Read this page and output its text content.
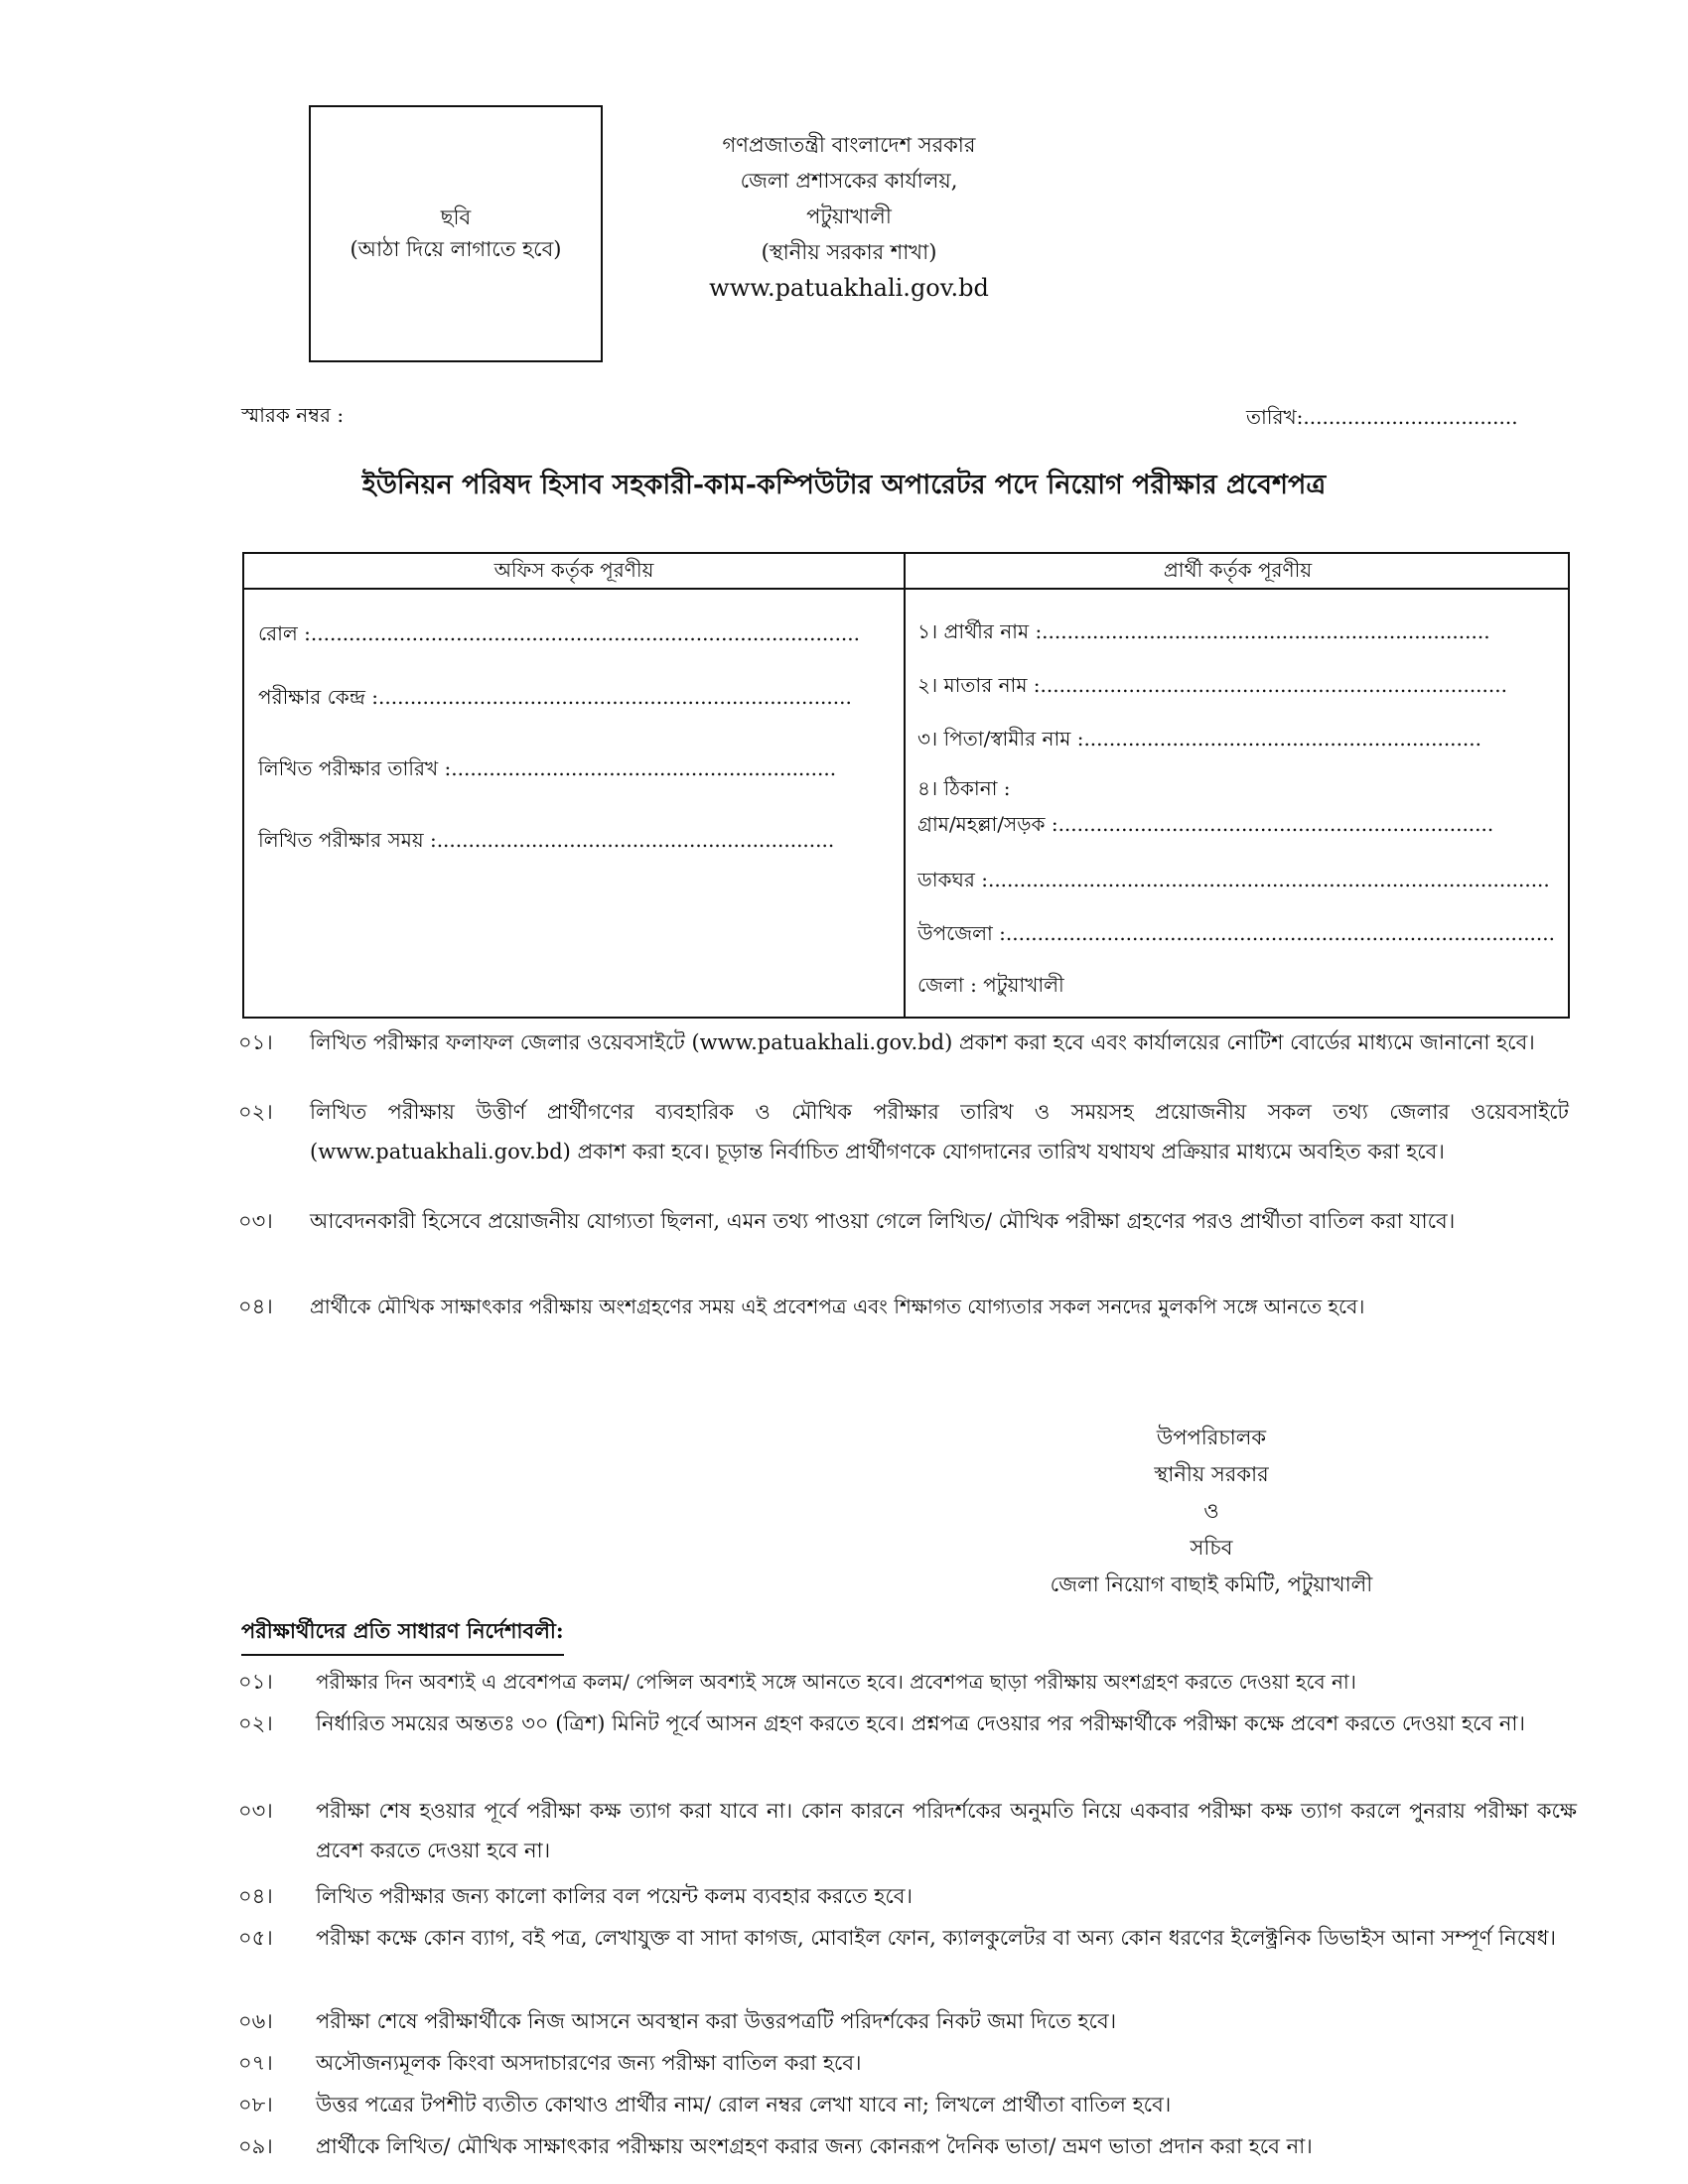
ছবি
(আঠা দিয়ে লাগাতে হবে)
গণপ্রজাতন্ত্রী বাংলাদেশ সরকার
জেলা প্রশাসকের কার্যালয়, পটুয়াখালী
(স্থানীয় সরকার শাখা)
www.patuakhali.gov.bd
স্মারক নম্বর :	তারিখ:..................................
ইউনিয়ন পরিষদ হিসাব সহকারী-কাম-কম্পিউটার অপারেটর পদে নিয়োগ পরীক্ষার প্রবেশপত্র
অফিস কর্তৃক পূরণীয়	প্রার্থী কর্তৃক পূরণীয়
রোল :.......................................................................................
পরীক্ষার কেন্দ্র :...........................................................................
লিখিত পরীক্ষার তারিখ :.............................................................
লিখিত পরীক্ষার সময় :...............................................................
১। প্রার্থীর নাম :.......................................................................
২। মাতার নাম :..........................................................................
৩। পিতা/স্বামীর নাম :...............................................................
৪। ঠিকানা :
গ্রাম/মহল্লা/সড়ক :.....................................................................
ডাকঘর :.........................................................................................
উপজেলা :.......................................................................................
জেলা : পটুয়াখালী
০১। লিখিত পরীক্ষার ফলাফল জেলার ওয়েবসাইটে (www.patuakhali.gov.bd) প্রকাশ করা হবে এবং কার্যালয়ের নোটিশ বোর্ডের মাধ্যমে জানানো হবে।
০২। লিখিত পরীক্ষায় উত্তীর্ণ প্রার্থীগণের ব্যবহারিক ও মৌখিক পরীক্ষার তারিখ ও সময়সহ প্রয়োজনীয় সকল তথ্য জেলার ওয়েবসাইটে (www.patuakhali.gov.bd) প্রকাশ করা হবে। চূড়ান্ত নির্বাচিত প্রার্থীগণকে যোগদানের তারিখ যথাযথ প্রক্রিয়ার মাধ্যমে অবহিত করা হবে।
০৩। আবেদনকারী হিসেবে প্রয়োজনীয় যোগ্যতা ছিলনা, এমন তথ্য পাওয়া গেলে লিখিত/ মৌখিক পরীক্ষা গ্রহণের পরও প্রার্থীতা বাতিল করা যাবে।
০৪। প্রার্থীকে মৌখিক সাক্ষাৎকার পরীক্ষায় অংশগ্রহণের সময় এই প্রবেশপত্র এবং শিক্ষাগত যোগ্যতার সকল সনদের মুলকপি সঙ্গে আনতে হবে।
উপপরিচালক
স্থানীয় সরকার
ও
সচিব
জেলা নিয়োগ বাছাই কমিটি, পটুয়াখালী
পরীক্ষার্থীদের প্রতি সাধারণ নির্দেশাবলী:
০১। পরীক্ষার দিন অবশ্যই এ প্রবেশপত্র কলম/ পেন্সিল অবশ্যই সঙ্গে আনতে হবে। প্রবেশপত্র ছাড়া পরীক্ষায় অংশগ্রহণ করতে দেওয়া হবে না।
০২। নির্ধারিত সময়ের অন্ততঃ ৩০ (ত্রিশ) মিনিট পূর্বে আসন গ্রহণ করতে হবে। প্রশ্নপত্র দেওয়ার পর পরীক্ষার্থীকে পরীক্ষা কক্ষে প্রবেশ করতে দেওয়া হবে না।
০৩। পরীক্ষা শেষ হওয়ার পূর্বে পরীক্ষা কক্ষ ত্যাগ করা যাবে না। কোন কারনে পরিদর্শকের অনুমতি নিয়ে একবার পরীক্ষা কক্ষ ত্যাগ করলে পুনরায় পরীক্ষা কক্ষে প্রবেশ করতে দেওয়া হবে না।
০৪। লিখিত পরীক্ষার জন্য কালো কালির বল পয়েন্ট কলম ব্যবহার করতে হবে।
০৫। পরীক্ষা কক্ষে কোন ব্যাগ, বই পত্র, লেখাযুক্ত বা সাদা কাগজ, মোবাইল ফোন, ক্যালকুলেটর বা অন্য কোন ধরণের ইলেক্ট্রনিক ডিভাইস আনা সম্পূর্ণ নিষেধ।
০৬। পরীক্ষা শেষে পরীক্ষার্থীকে নিজ আসনে অবস্থান করা উত্তরপত্রটি পরিদর্শকের নিকট জমা দিতে হবে।
০৭। অসৌজন্যমূলক কিংবা অসদাচারণের জন্য পরীক্ষা বাতিল করা হবে।
০৮। উত্তর পত্রের টপশীট ব্যতীত কোথাও প্রার্থীর নাম/ রোল নম্বর লেখা যাবে না; লিখলে প্রার্থীতা বাতিল হবে।
০৯। প্রার্থীকে লিখিত/ মৌখিক সাক্ষাৎকার পরীক্ষায় অংশগ্রহণ করার জন্য কোনরূপ দৈনিক ভাতা/ ভ্রমণ ভাতা প্রদান করা হবে না।
